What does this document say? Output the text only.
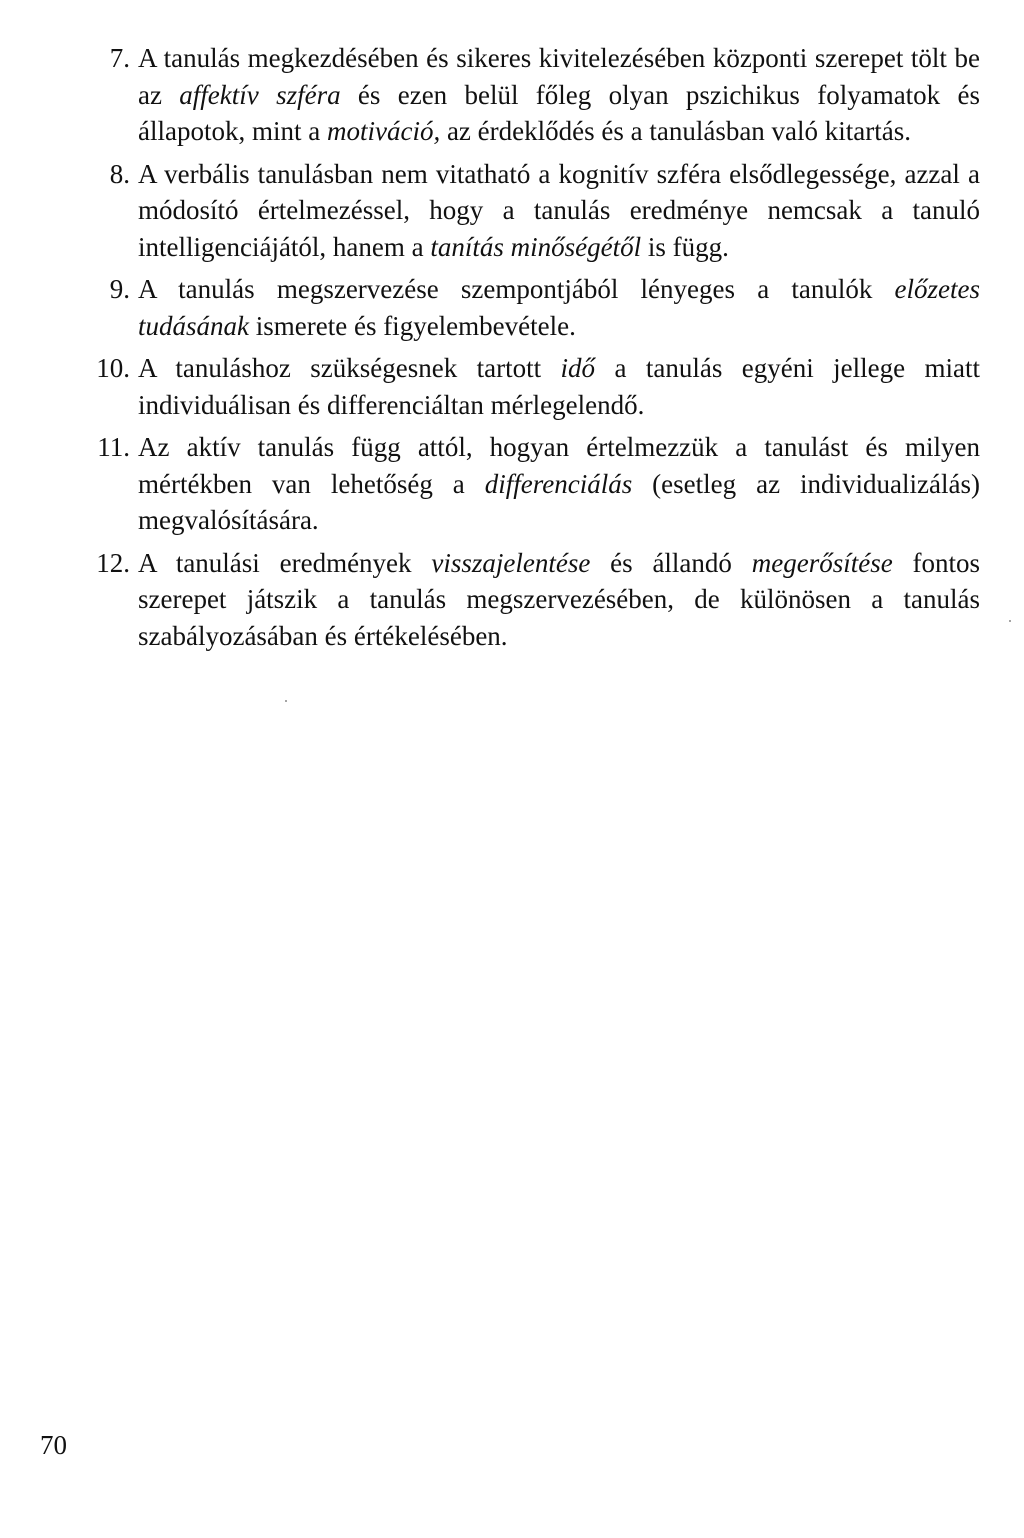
7. A tanulás megkezdésében és sikeres kivitelezésében központi szerepet tölt be az affektív szféra és ezen belül főleg olyan pszichikus folyamatok és állapotok, mint a motiváció, az érdeklődés és a tanulásban való kitartás.
8. A verbális tanulásban nem vitatható a kognitív szféra elsődlegessége, azzal a módosító értelmezéssel, hogy a tanulás eredménye nemcsak a tanuló intelligenciájától, hanem a tanítás minőségétől is függ.
9. A tanulás megszervezése szempontjából lényeges a tanulók előzetes tudásának ismerete és figyelembevétele.
10. A tanuláshoz szükségesnek tartott idő a tanulás egyéni jellege miatt individuálisan és differenciáltan mérlegelendő.
11. Az aktív tanulás függ attól, hogyan értelmezzük a tanulást és milyen mértékben van lehetőség a differenciálás (esetleg az individualizálás) megvalósítására.
12. A tanulási eredmények visszajelentése és állandó megerősítése fontos szerepet játszik a tanulás megszervezésében, de különösen a tanulás szabályozásában és értékelésében.
70
